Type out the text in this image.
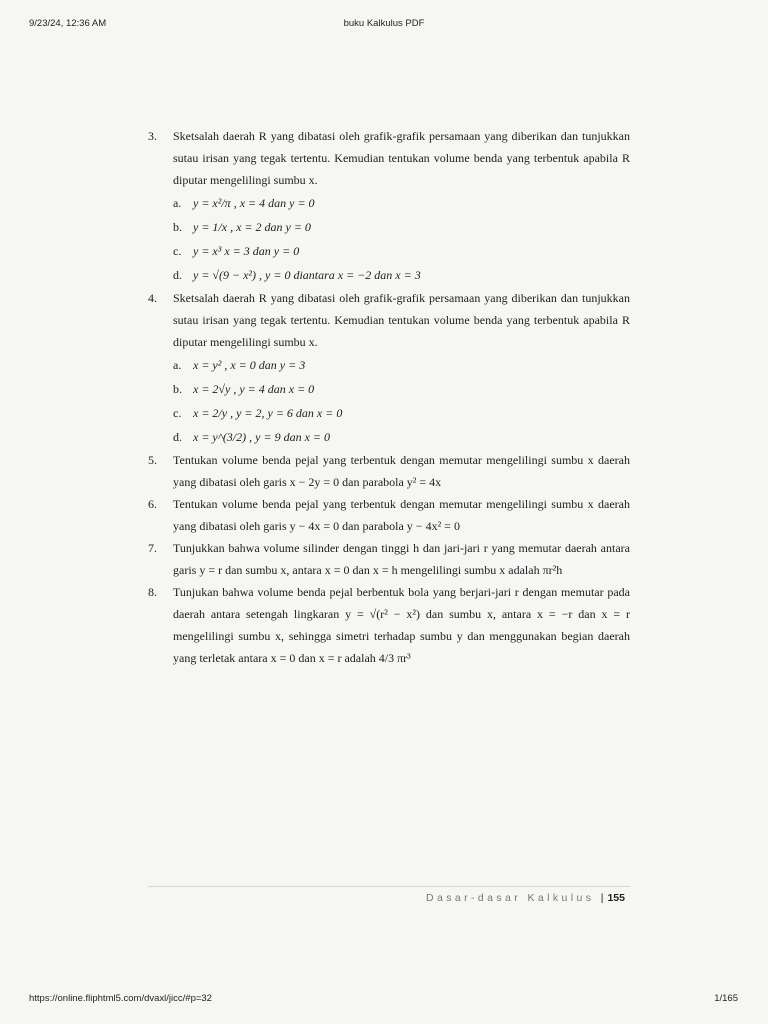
9/23/24, 12:36 AM	buku Kalkulus PDF
3. Sketsalah daerah R yang dibatasi oleh grafik-grafik persamaan yang diberikan dan tunjukkan sutau irisan yang tegak tertentu. Kemudian tentukan volume benda yang terbentuk apabila R diputar mengelilingi sumbu x.

a. y = x²/π , x = 4 dan y = 0
b. y = 1/x , x = 2 dan y = 0
c. y = x³ x = 3 dan y = 0
d. y = √(9 − x²) , y = 0 diantara x = −2 dan x = 3
4. Sketsalah daerah R yang dibatasi oleh grafik-grafik persamaan yang diberikan dan tunjukkan sutau irisan yang tegak tertentu. Kemudian tentukan volume benda yang terbentuk apabila R diputar mengelilingi sumbu x.

a. x = y² , x = 0 dan y = 3
b. x = 2√y , y = 4 dan x = 0
c. x = 2/y , y = 2, y = 6 dan x = 0
d. x = y^(3/2) , y = 9 dan x = 0
5. Tentukan volume benda pejal yang terbentuk dengan memutar mengelilingi sumbu x daerah yang dibatasi oleh garis x − 2y = 0 dan parabola y² = 4x

6. Tentukan volume benda pejal yang terbentuk dengan memutar mengelilingi sumbu x daerah yang dibatasi oleh garis y − 4x = 0 dan parabola y − 4x² = 0

7. Tunjukkan bahwa volume silinder dengan tinggi h dan jari-jari r yang memutar daerah antara garis y = r dan sumbu x, antara x = 0 dan x = h mengelilingi sumbu x adalah πr²h

8. Tunjukan bahwa volume benda pejal berbentuk bola yang berjari-jari r dengan memutar pada daerah antara setengah lingkaran y = √(r² − x²) dan sumbu x, antara x = −r dan x = r mengelilingi sumbu x, sehingga simetri terhadap sumbu y dan menggunakan begian daerah yang terletak antara x = 0 dan x = r adalah 4/3 πr³

Dasar-dasar Kalkulus | 155
https://online.fliphtml5.com/dvaxl/jicc/#p=32	1/165
